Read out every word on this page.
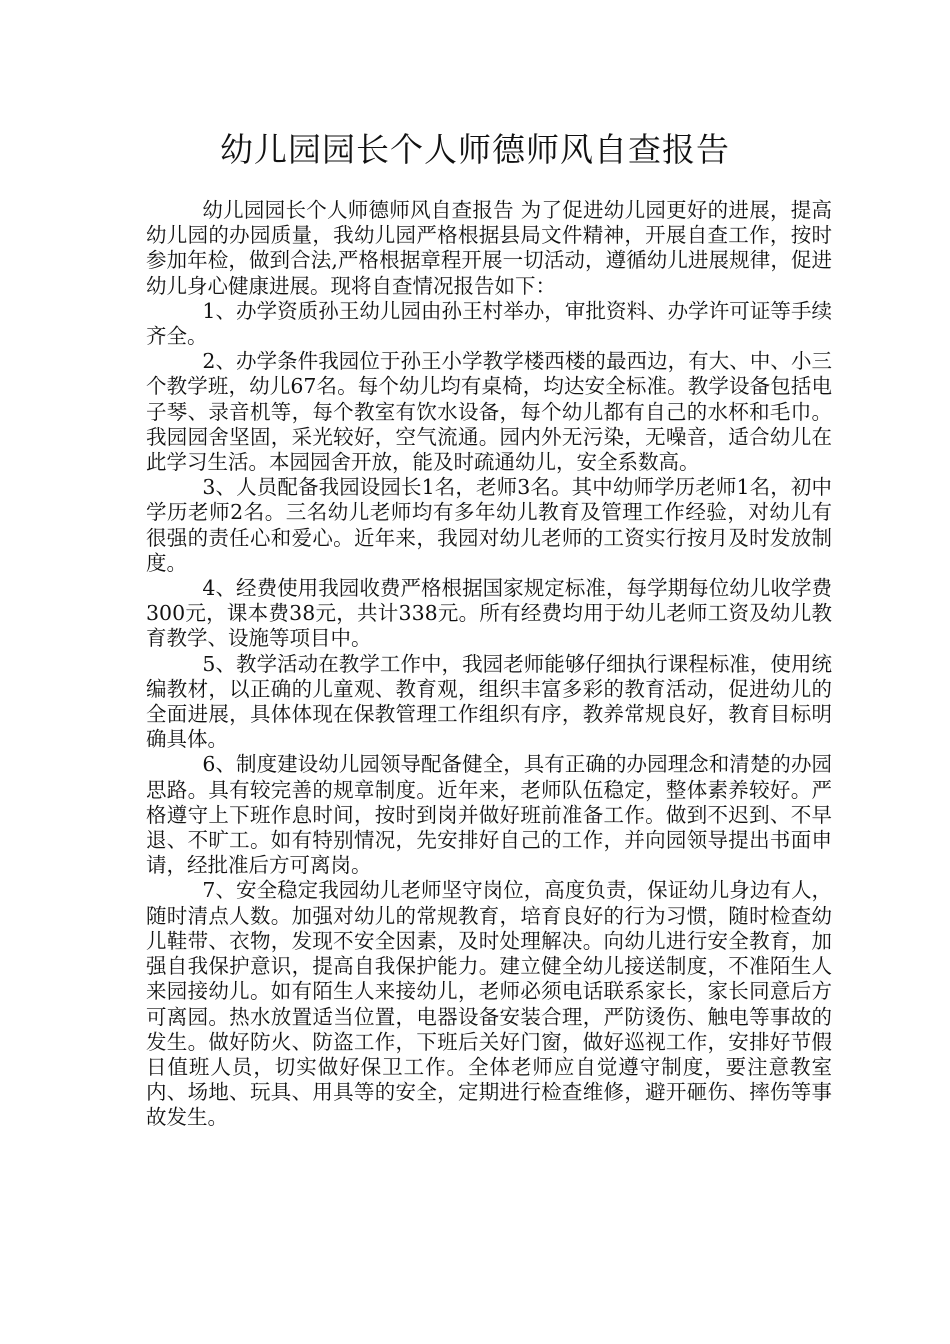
幼儿园园长个人师德师风自查报告

幼儿园园长个人师德师风自查报告 为了促进幼儿园更好的进展，提高幼儿园的办园质量，我幼儿园严格根据县局文件精神，开展自查工作，按时参加年检，做到合法,严格根据章程开展一切活动，遵循幼儿进展规律，促进幼儿身心健康进展。现将自查情况报告如下：

1、办学资质孙王幼儿园由孙王村举办，审批资料、办学许可证等手续齐全。

2、办学条件我园位于孙王小学教学楼西楼的最西边，有大、中、小三个教学班，幼儿67名。每个幼儿均有桌椅，均达安全标准。教学设备包括电子琴、录音机等，每个教室有饮水设备，每个幼儿都有自己的水杯和毛巾。我园园舍坚固，采光较好，空气流通。园内外无污染，无噪音，适合幼儿在此学习生活。本园园舍开放，能及时疏通幼儿，安全系数高。

3、人员配备我园设园长1名，老师3名。其中幼师学历老师1名，初中学历老师2名。三名幼儿老师均有多年幼儿教育及管理工作经验，对幼儿有很强的责任心和爱心。近年来，我园对幼儿老师的工资实行按月及时发放制度。

4、经费使用我园收费严格根据国家规定标准，每学期每位幼儿收学费300元，课本费38元，共计338元。所有经费均用于幼儿老师工资及幼儿教育教学、设施等项目中。

5、教学活动在教学工作中，我园老师能够仔细执行课程标准，使用统编教材，以正确的儿童观、教育观，组织丰富多彩的教育活动，促进幼儿的全面进展，具体体现在保教管理工作组织有序，教养常规良好，教育目标明确具体。

6、制度建设幼儿园领导配备健全，具有正确的办园理念和清楚的办园思路。具有较完善的规章制度。近年来，老师队伍稳定，整体素养较好。严格遵守上下班作息时间，按时到岗并做好班前准备工作。做到不迟到、不早退、不旷工。如有特别情况，先安排好自己的工作，并向园领导提出书面申请，经批准后方可离岗。

7、安全稳定我园幼儿老师坚守岗位，高度负责，保证幼儿身边有人，随时清点人数。加强对幼儿的常规教育，培育良好的行为习惯，随时检查幼儿鞋带、衣物，发现不安全因素，及时处理解决。向幼儿进行安全教育，加强自我保护意识，提高自我保护能力。建立健全幼儿接送制度，不准陌生人来园接幼儿。如有陌生人来接幼儿，老师必须电话联系家长，家长同意后方可离园。热水放置适当位置，电器设备安装合理，严防烫伤、触电等事故的发生。做好防火、防盗工作，下班后关好门窗，做好巡视工作，安排好节假日值班人员，切实做好保卫工作。全体老师应自觉遵守制度，要注意教室内、场地、玩具、用具等的安全，定期进行检查维修，避开砸伤、摔伤等事故发生。
